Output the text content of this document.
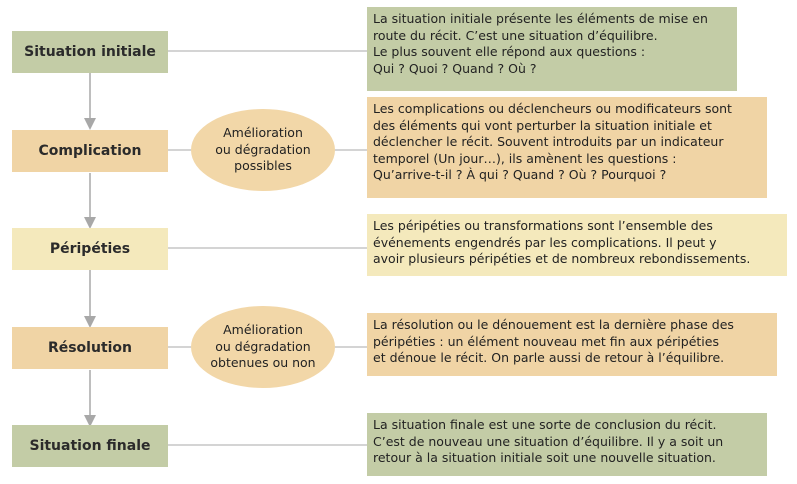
Situation initiale
Complication
Péripéties
Résolution
Situation finale
Amélioration
ou dégradation
possibles
Amélioration
ou dégradation
obtenues ou non
La situation initiale présente les éléments de mise en
route du récit. C’est une situation d’équilibre.
Le plus souvent elle répond aux questions :
Qui ? Quoi ? Quand ? Où ?
Les complications ou déclencheurs ou modificateurs sont
des éléments qui vont perturber la situation initiale et
déclencher le récit. Souvent introduits par un indicateur
temporel (Un jour…), ils amènent les questions :
Qu’arrive-t-il ? À qui ? Quand ? Où ? Pourquoi ?
Les péripéties ou transformations sont l’ensemble des
événements engendrés par les complications. Il peut y
avoir plusieurs péripéties et de nombreux rebondissements.
La résolution ou le dénouement est la dernière phase des
péripéties : un élément nouveau met fin aux péripéties
et dénoue le récit. On parle aussi de retour à l’équilibre.
La situation finale est une sorte de conclusion du récit.
C’est de nouveau une situation d’équilibre. Il y a soit un
retour à la situation initiale soit une nouvelle situation.
